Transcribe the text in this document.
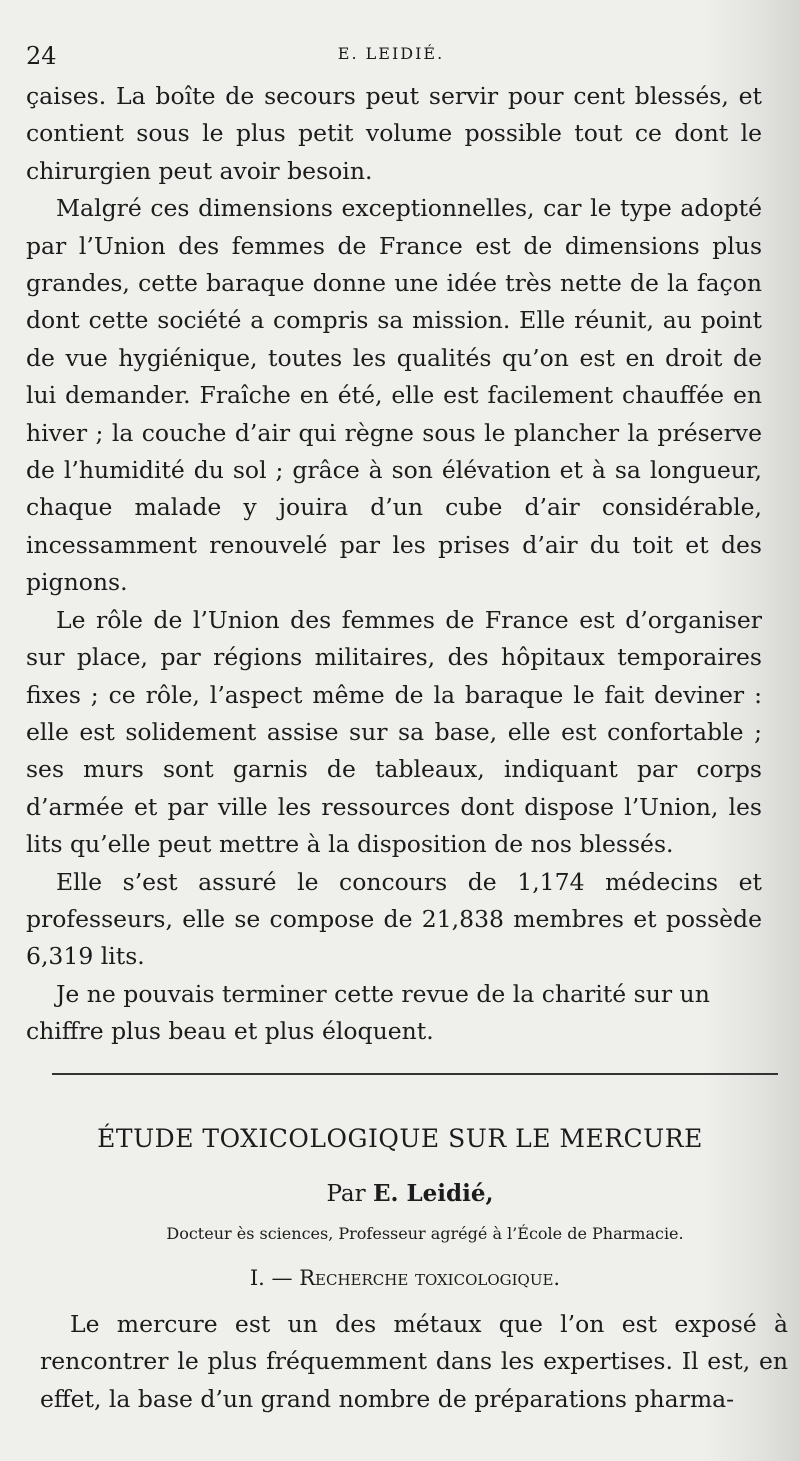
24	E. LEIDIÉ.

çaises. La boîte de secours peut servir pour cent blessés, et contient sous le plus petit volume possible tout ce dont le chirurgien peut avoir besoin.

Malgré ces dimensions exceptionnelles, car le type adopté par l’Union des femmes de France est de dimensions plus grandes, cette baraque donne une idée très nette de la façon dont cette société a compris sa mission. Elle réunit, au point de vue hygiénique, toutes les qualités qu’on est en droit de lui demander. Fraîche en été, elle est facilement chauffée en hiver ; la couche d’air qui règne sous le plancher la préserve de l’humidité du sol ; grâce à son élévation et à sa longueur, chaque malade y jouira d’un cube d’air considérable, incessamment renouvelé par les prises d’air du toit et des pignons.

Le rôle de l’Union des femmes de France est d’organiser sur place, par régions militaires, des hôpitaux temporaires fixes ; ce rôle, l’aspect même de la baraque le fait deviner : elle est solidement assise sur sa base, elle est confortable ; ses murs sont garnis de tableaux, indiquant par corps d’armée et par ville les ressources dont dispose l’Union, les lits qu’elle peut mettre à la disposition de nos blessés.

Elle s’est assuré le concours de 1,174 médecins et professeurs, elle se compose de 21,838 membres et possède 6,319 lits.

Je ne pouvais terminer cette revue de la charité sur un chiffre plus beau et plus éloquent.

ÉTUDE TOXICOLOGIQUE SUR LE MERCURE
Par E. Leidié,
Docteur ès sciences, Professeur agrégé à l’École de Pharmacie.
I. — Recherche toxicologique.

Le mercure est un des métaux que l’on est exposé à rencontrer le plus fréquemment dans les expertises. Il est, en effet, la base d’un grand nombre de préparations pharma-
